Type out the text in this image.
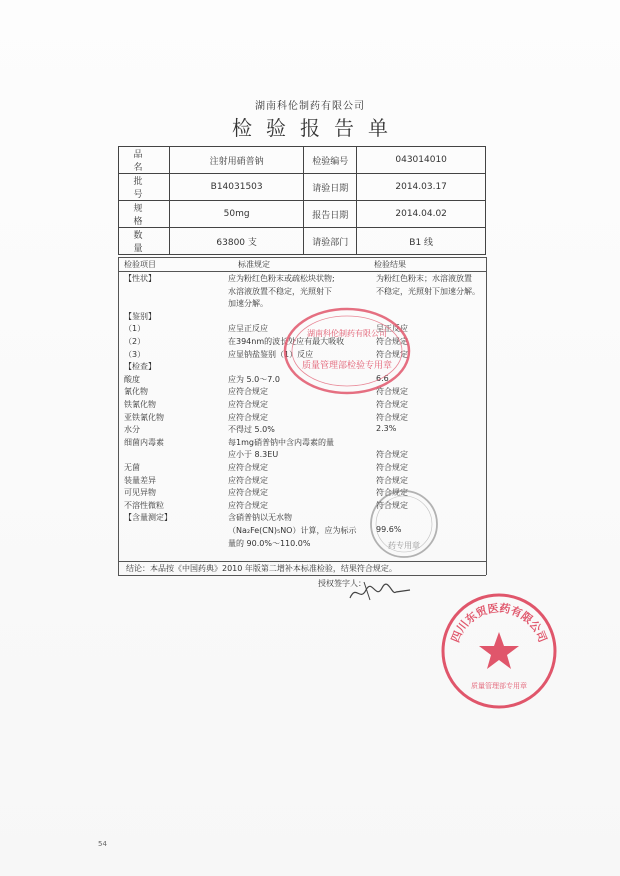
湖南科伦制药有限公司
检验报告单
品　名	注射用硝普钠	检验编号	043014010
批　号	B14031503	请验日期	2014.03.17
规　格	50mg	报告日期	2014.04.02
数　量	63800 支	请验部门	B1 线
检验项目	标准规定	检验结果
【性状】	应为粉红色粉末或疏松块状物;	为粉红色粉末；水溶液放置
水溶液放置不稳定，光照射下	不稳定，光照射下加速分解。
加速分解。
【鉴别】
（1）	应呈正反应	呈正反应
（2）	在394nm的波长处应有最大吸收	符合规定
（3）	应显钠盐鉴别（1）反应	符合规定
【检查】
酸度	应为 5.0～7.0	6.6
氰化物	应符合规定	符合规定
铁氰化物	应符合规定	符合规定
亚铁氰化物	应符合规定	符合规定
水分	不得过 5.0%	2.3%
细菌内毒素	每1mg硝普钠中含内毒素的量
应小于 8.3EU	符合规定
无菌	应符合规定	符合规定
装量差异	应符合规定	符合规定
可见异物	应符合规定	符合规定
不溶性微粒	应符合规定	符合规定
【含量测定】	含硝普钠以无水物
（Na₂Fe(CN)₅NO）计算，应为标示 99.6%
量的 90.0%～110.0%
结论：本品按《中国药典》2010 年版第二增补本标准检验，结果符合规定。
授权签字人：
湖南科伦制药有限公司
质量管理部检验专用章
药专用章
四川东贸医药有限公司
质量管理部专用章
54
